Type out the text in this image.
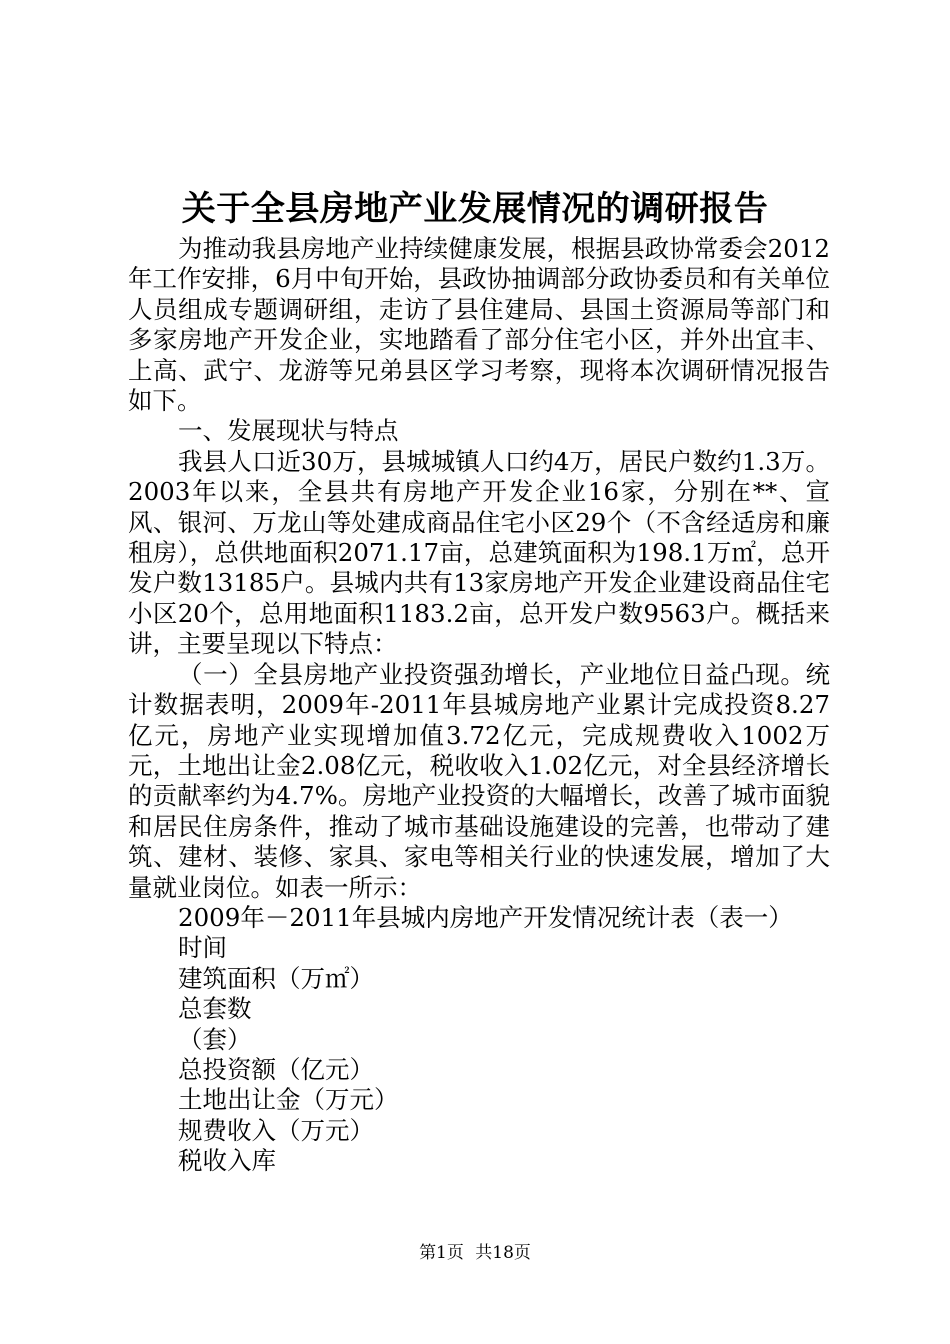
关于全县房地产业发展情况的调研报告

为推动我县房地产业持续健康发展，根据县政协常委会2012年工作安排，6月中旬开始，县政协抽调部分政协委员和有关单位人员组成专题调研组，走访了县住建局、县国土资源局等部门和多家房地产开发企业，实地踏看了部分住宅小区，并外出宜丰、上高、武宁、龙游等兄弟县区学习考察，现将本次调研情况报告如下。

一、发展现状与特点

我县人口近30万，县城城镇人口约4万，居民户数约1.3万。2003年以来，全县共有房地产开发企业16家，分别在**、宣风、银河、万龙山等处建成商品住宅小区29个（不含经适房和廉租房），总供地面积2071.17亩，总建筑面积为198.1万㎡，总开发户数13185户。县城内共有13家房地产开发企业建设商品住宅小区20个，总用地面积1183.2亩，总开发户数9563户。概括来讲，主要呈现以下特点：

（一）全县房地产业投资强劲增长，产业地位日益凸现。统计数据表明，2009年-2011年县城房地产业累计完成投资8.27亿元，房地产业实现增加值3.72亿元，完成规费收入1002万元，土地出让金2.08亿元，税收收入1.02亿元，对全县经济增长的贡献率约为4.7%。房地产业投资的大幅增长，改善了城市面貌和居民住房条件，推动了城市基础设施建设的完善，也带动了建筑、建材、装修、家具、家电等相关行业的快速发展，增加了大量就业岗位。如表一所示：

2009年－2011年县城内房地产开发情况统计表（表一）

时间

建筑面积（万㎡）

总套数

（套）

总投资额（亿元）

土地出让金（万元）

规费收入（万元）

税收入库

第1页 共18页
